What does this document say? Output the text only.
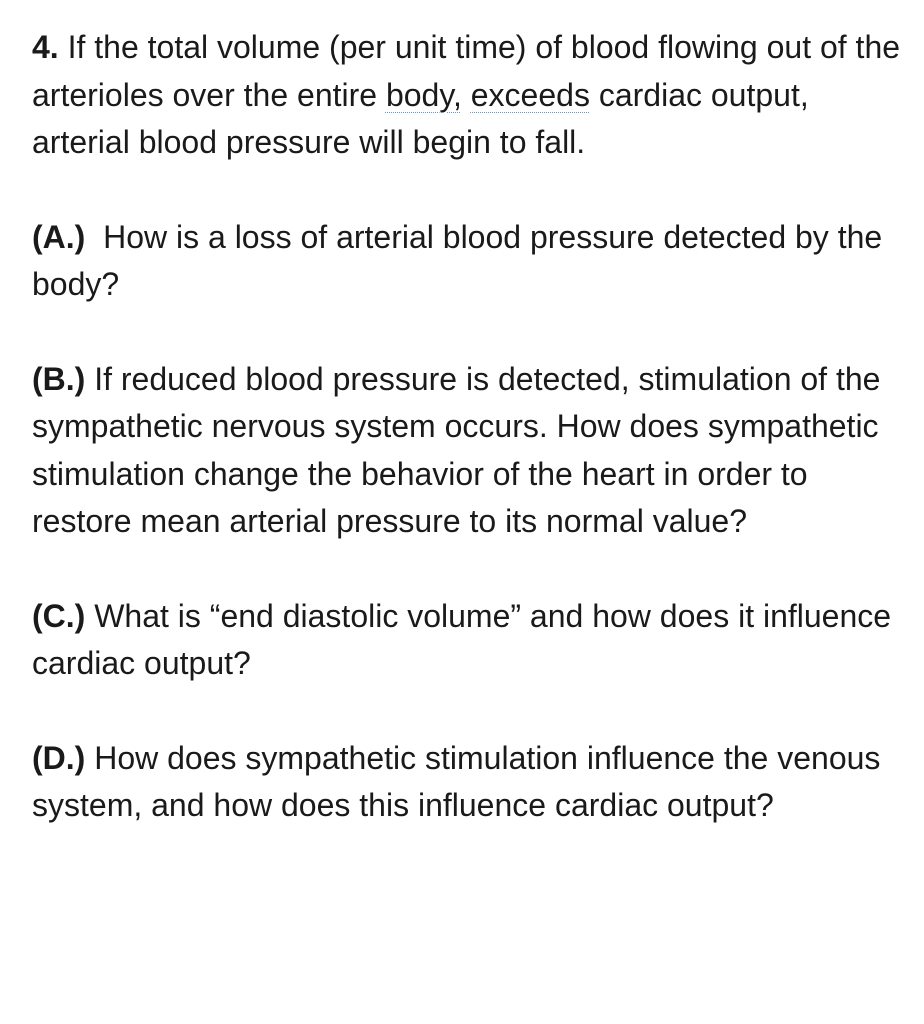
4. If the total volume (per unit time) of blood flowing out of the arterioles over the entire body, exceeds cardiac output, arterial blood pressure will begin to fall.

(A.) How is a loss of arterial blood pressure detected by the body?

(B.) If reduced blood pressure is detected, stimulation of the sympathetic nervous system occurs. How does sympathetic stimulation change the behavior of the heart in order to restore mean arterial pressure to its normal value?

(C.) What is “end diastolic volume” and how does it influence cardiac output?

(D.) How does sympathetic stimulation influence the venous system, and how does this influence cardiac output?
